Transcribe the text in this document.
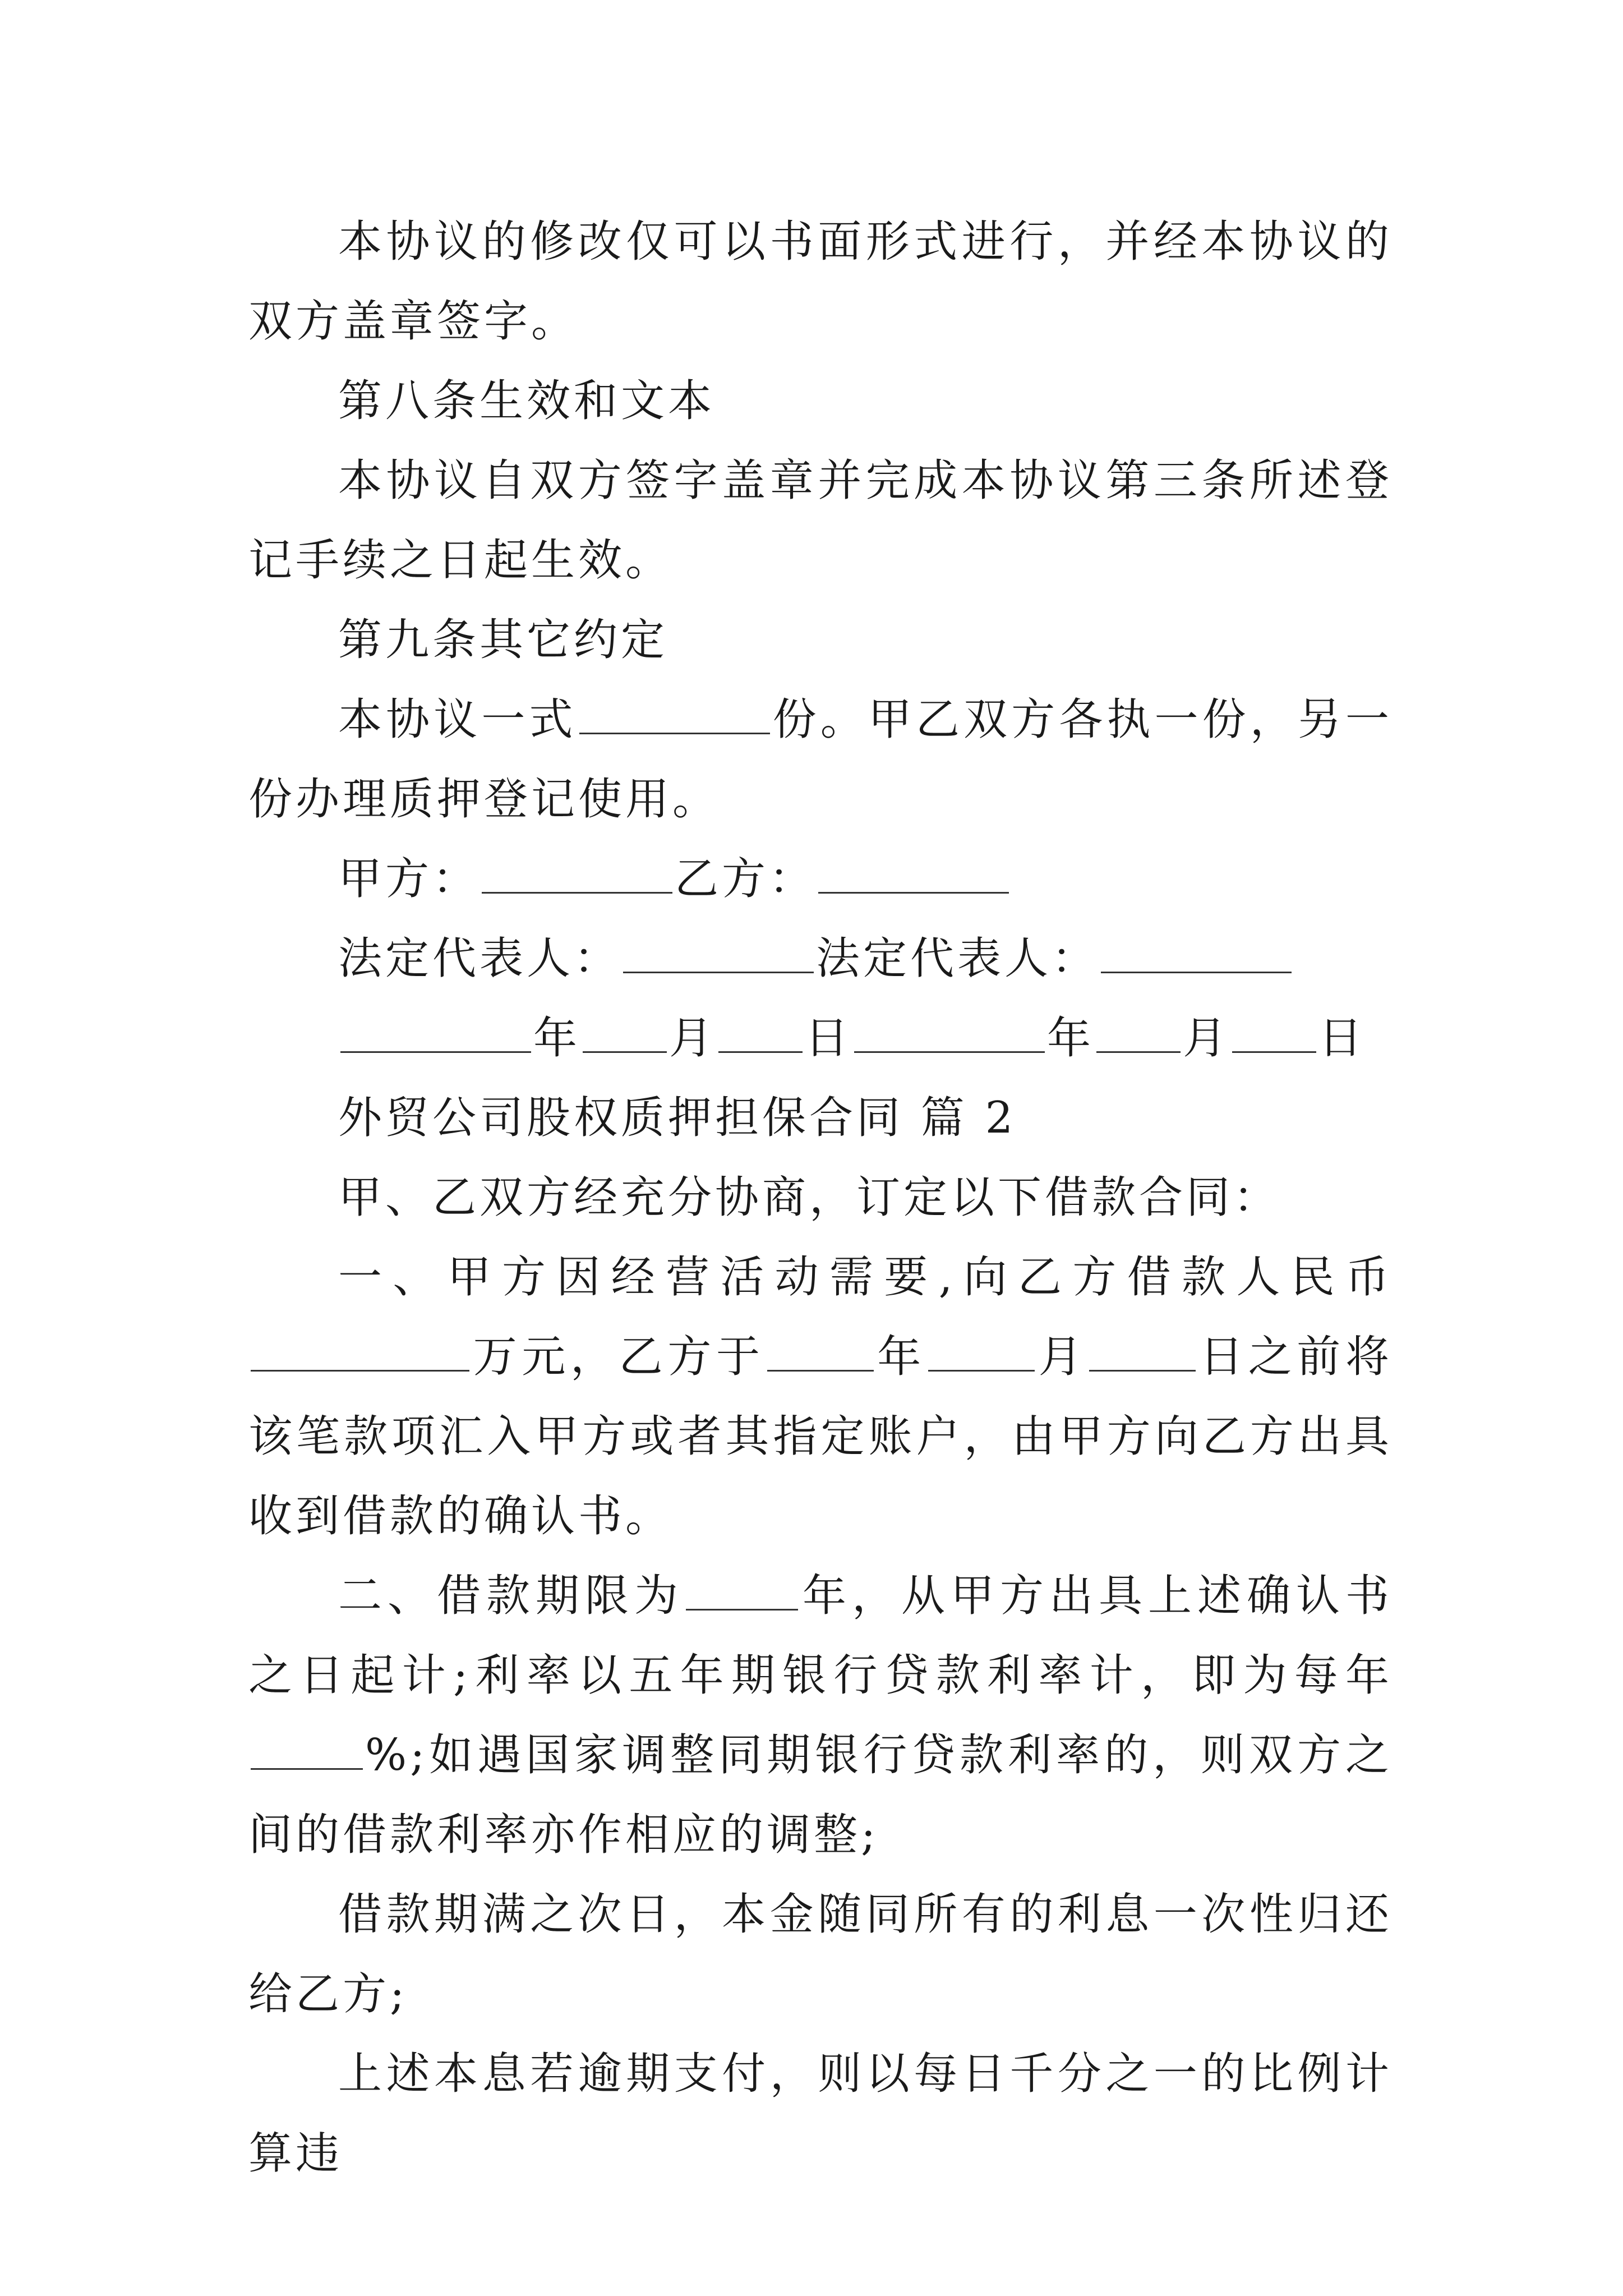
本协议的修改仅可以书面形式进行，并经本协议的双方盖章签字。

第八条生效和文本

本协议自双方签字盖章并完成本协议第三条所述登记手续之日起生效。

第九条其它约定

本协议一式	份。甲乙双方各执一份，另一份办理质押登记使用。

甲方：	乙方：

法定代表人：	法定代表人：

年 月 日	年 月 日

外贸公司股权质押担保合同 篇 2

甲、乙双方经充分协商，订定以下借款合同：

一、甲方因经营活动需要,向乙方借款人民币万元，乙方于	年	月	日之前将该笔款项汇入甲方或者其指定账户，由甲方向乙方出具收到借款的确认书。

二、借款期限为	年，从甲方出具上述确认书之日起计;利率以五年期银行贷款利率计，即为每年%;如遇国家调整同期银行贷款利率的，则双方之间的借款利率亦作相应的调整;

借款期满之次日，本金随同所有的利息一次性归还给乙方;

上述本息若逾期支付，则以每日千分之一的比例计算违
